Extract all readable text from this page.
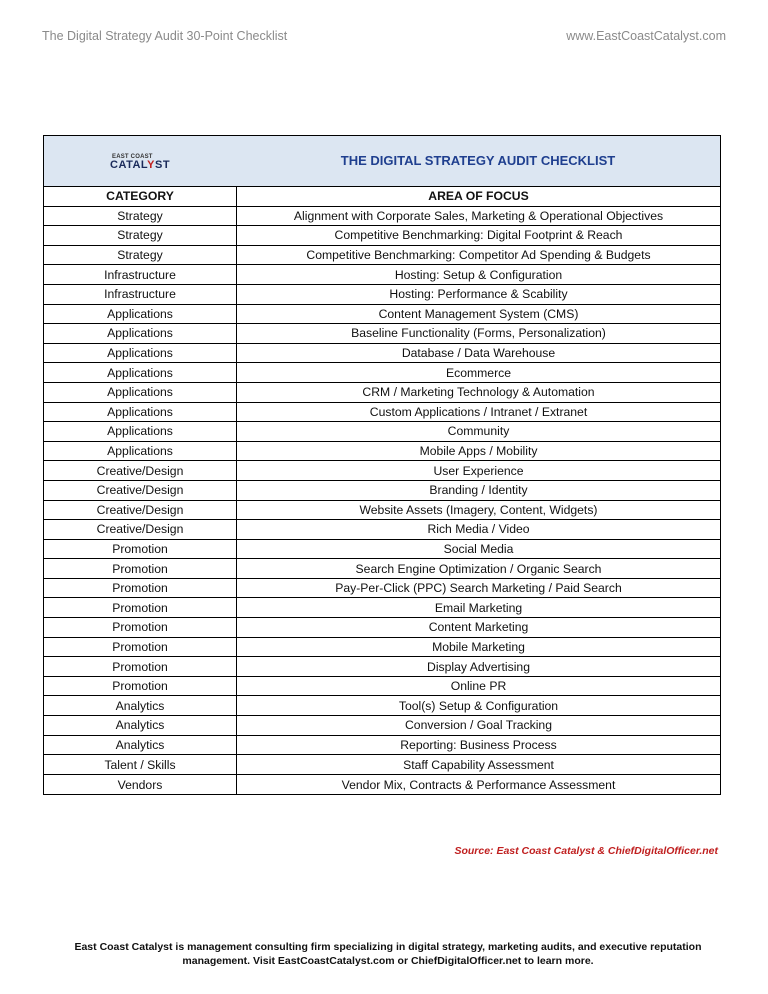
The Digital Strategy Audit 30-Point Checklist	www.EastCoastCatalyst.com
EAST COAST
CATALYST	THE DIGITAL STRATEGY AUDIT CHECKLIST
CATEGORY	AREA OF FOCUS
Strategy	Alignment with Corporate Sales, Marketing & Operational Objectives
Strategy	Competitive Benchmarking: Digital Footprint & Reach
Strategy	Competitive Benchmarking: Competitor Ad Spending & Budgets
Infrastructure	Hosting: Setup & Configuration
Infrastructure	Hosting: Performance & Scability
Applications	Content Management System (CMS)
Applications	Baseline Functionality (Forms, Personalization)
Applications	Database / Data Warehouse
Applications	Ecommerce
Applications	CRM / Marketing Technology & Automation
Applications	Custom Applications / Intranet / Extranet
Applications	Community
Applications	Mobile Apps / Mobility
Creative/Design	User Experience
Creative/Design	Branding / Identity
Creative/Design	Website Assets (Imagery, Content, Widgets)
Creative/Design	Rich Media / Video
Promotion	Social Media
Promotion	Search Engine Optimization / Organic Search
Promotion	Pay-Per-Click (PPC) Search Marketing / Paid Search
Promotion	Email Marketing
Promotion	Content Marketing
Promotion	Mobile Marketing
Promotion	Display Advertising
Promotion	Online PR
Analytics	Tool(s) Setup & Configuration
Analytics	Conversion / Goal Tracking
Analytics	Reporting: Business Process
Talent / Skills	Staff Capability Assessment
Vendors	Vendor Mix, Contracts & Performance Assessment
Source: East Coast Catalyst & ChiefDigitalOfficer.net
East Coast Catalyst is management consulting firm specializing in digital strategy, marketing audits, and executive reputation
management. Visit EastCoastCatalyst.com or ChiefDigitalOfficer.net to learn more.
